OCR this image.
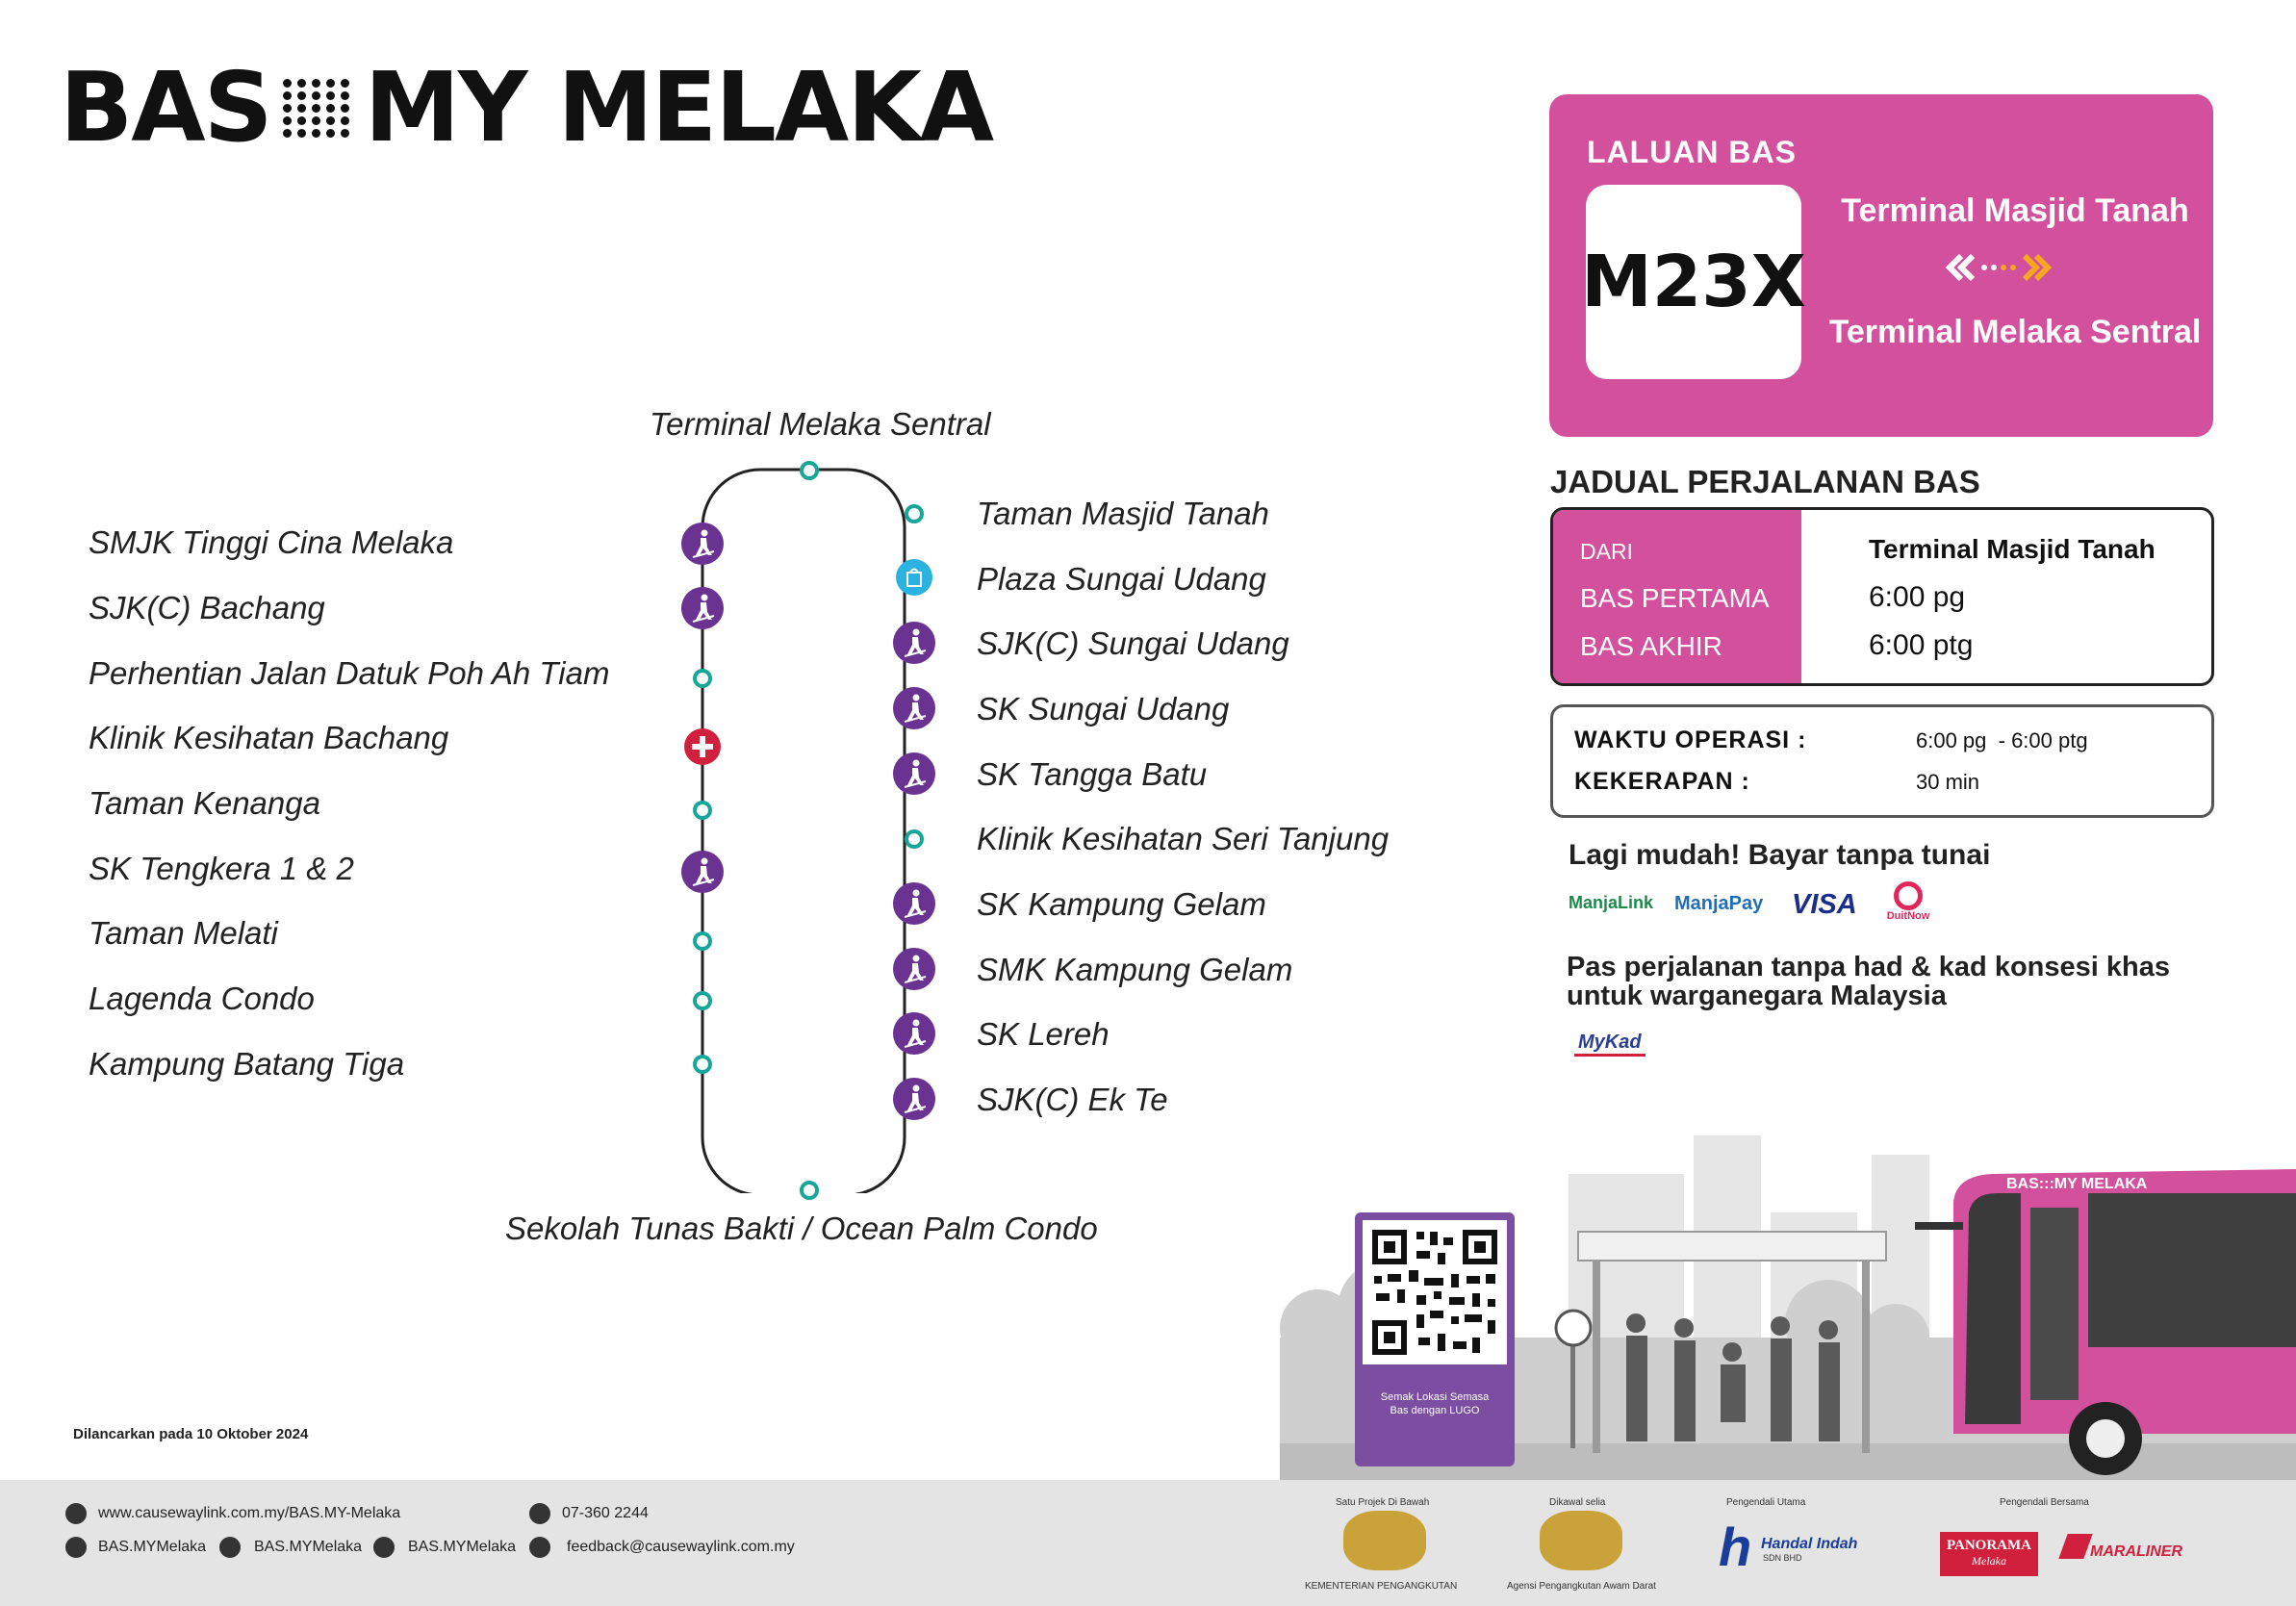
BAS MY MELAKA
Terminal Melaka Sentral
Sekolah Tunas Bakti / Ocean Palm Condo
SMJK Tinggi Cina Melaka
SJK(C) Bachang
Perhentian Jalan Datuk Poh Ah Tiam
Klinik Kesihatan Bachang
Taman Kenanga
SK Tengkera 1 & 2
Taman Melati
Lagenda Condo
Kampung Batang Tiga
Taman Masjid Tanah
Plaza Sungai Udang
SJK(C) Sungai Udang
SK Sungai Udang
SK Tangga Batu
Klinik Kesihatan Seri Tanjung
SK Kampung Gelam
SMK Kampung Gelam
SK Lereh
SJK(C) Ek Te
LALUAN BAS
M23X
Terminal Masjid Tanah
Terminal Melaka Sentral
JADUAL PERJALANAN BAS
DARI	Terminal Masjid Tanah
BAS PERTAMA	6:00 pg
BAS AKHIR	6:00 ptg
WAKTU OPERASI :	6:00 pg  - 6:00 ptg
KEKERAPAN :	30 min
Lagi mudah! Bayar tanpa tunai
ManjaLink ManjaPay VISA	DuitNow
Pas perjalanan tanpa had & kad konsesi khas untuk warganegara Malaysia
MyKad
BAS:::MY MELAKA
Semak Lokasi Semasa
Bas dengan LUGO
Dilancarkan pada 10 Oktober 2024
www.causewaylink.com.my/BAS.MY-Melaka
BAS.MYMelaka	BAS.MYMelaka	BAS.MYMelaka
07-360 2244
feedback@causewaylink.com.my
Satu Projek Di Bawah
KEMENTERIAN PENGANGKUTAN
Dikawal selia
Agensi Pengangkutan Awam Darat
Pengendali Utama
h Handal Indah
SDN BHD
Pengendali Bersama
PANORAMA
Melaka
MARALINER
